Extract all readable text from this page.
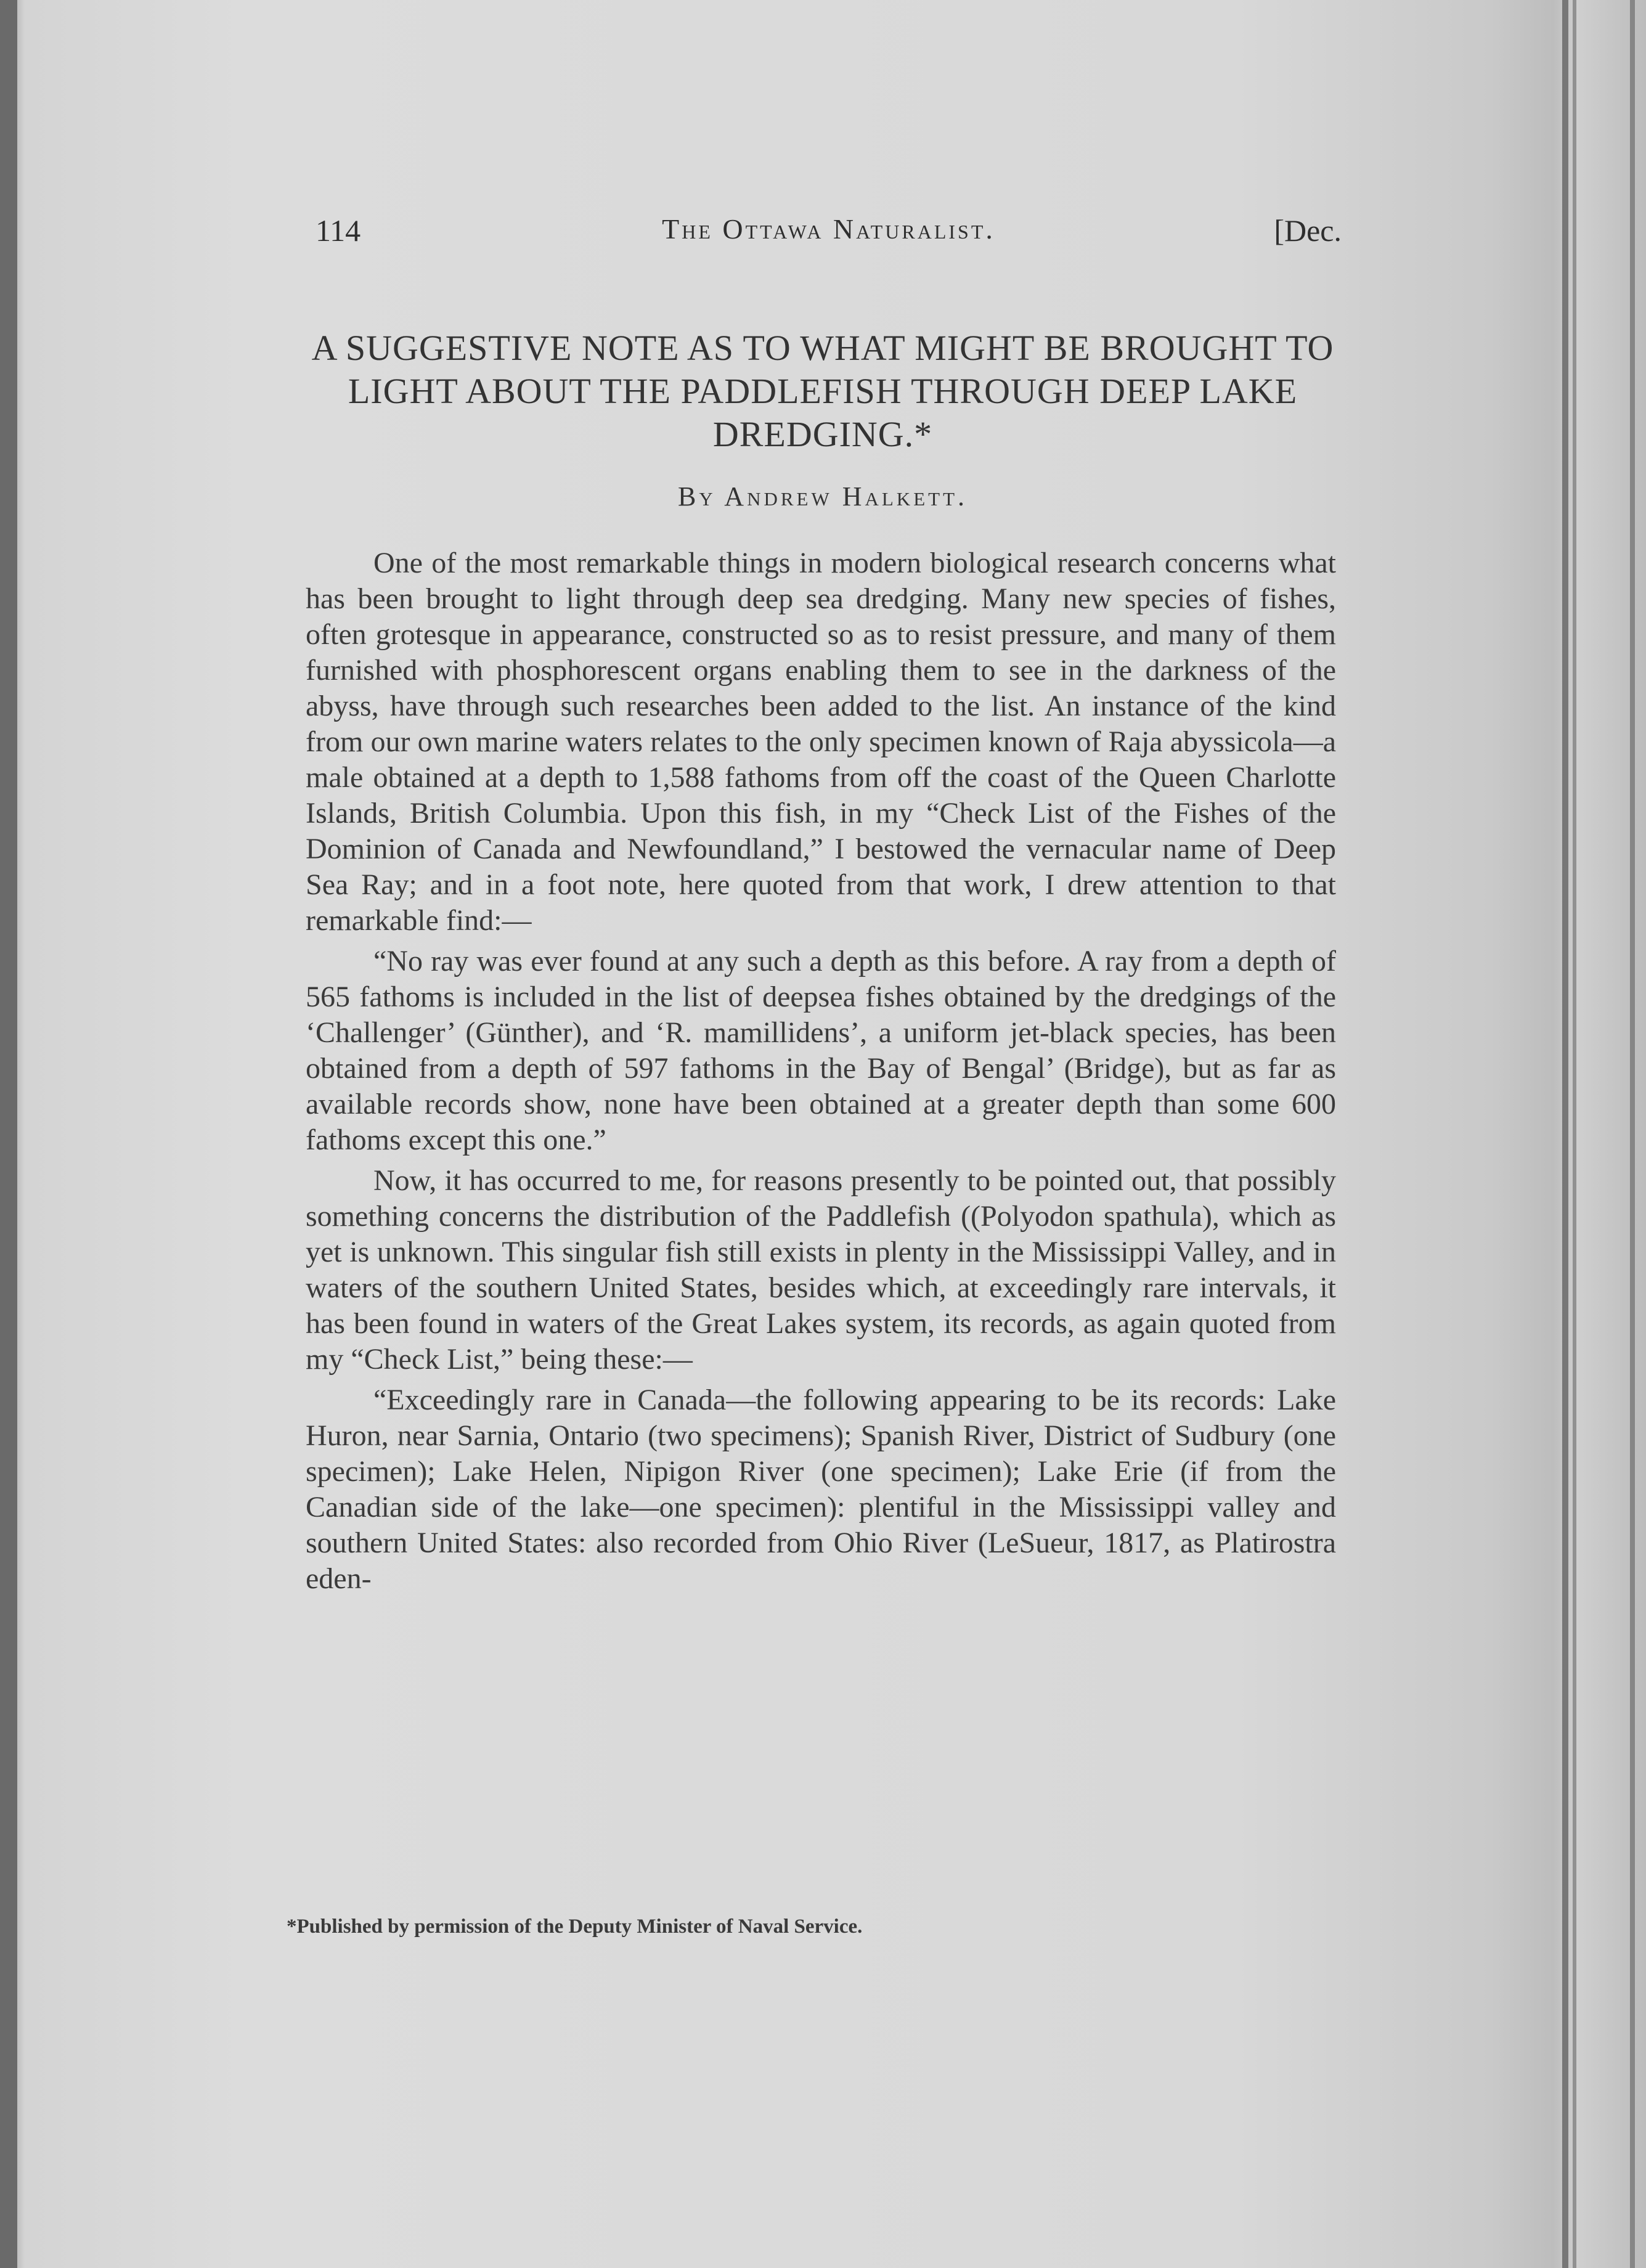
114	The Ottawa Naturalist.	[Dec.
A SUGGESTIVE NOTE AS TO WHAT MIGHT BE BROUGHT TO LIGHT ABOUT THE PADDLEFISH THROUGH DEEP LAKE DREDGING.*
By Andrew Halkett.

One of the most remarkable things in modern biological research concerns what has been brought to light through deep sea dredging. Many new species of fishes, often grotesque in appearance, constructed so as to resist pressure, and many of them furnished with phosphorescent organs enabling them to see in the darkness of the abyss, have through such researches been added to the list. An instance of the kind from our own marine waters relates to the only specimen known of Raja abyssicola—a male obtained at a depth to 1,588 fathoms from off the coast of the Queen Charlotte Islands, British Columbia. Upon this fish, in my “Check List of the Fishes of the Dominion of Canada and Newfoundland,” I bestowed the vernacular name of Deep Sea Ray; and in a foot note, here quoted from that work, I drew attention to that remarkable find:—

“No ray was ever found at any such a depth as this before. A ray from a depth of 565 fathoms is included in the list of deepsea fishes obtained by the dredgings of the ‘Challenger’ (Günther), and ‘R. mamillidens’, a uniform jet-black species, has been obtained from a depth of 597 fathoms in the Bay of Bengal’ (Bridge), but as far as available records show, none have been obtained at a greater depth than some 600 fathoms except this one.”

Now, it has occurred to me, for reasons presently to be pointed out, that possibly something concerns the distribution of the Paddlefish ((Polyodon spathula), which as yet is unknown. This singular fish still exists in plenty in the Mississippi Valley, and in waters of the southern United States, besides which, at exceedingly rare intervals, it has been found in waters of the Great Lakes system, its records, as again quoted from my “Check List,” being these:—

“Exceedingly rare in Canada—the following appearing to be its records: Lake Huron, near Sarnia, Ontario (two specimens); Spanish River, District of Sudbury (one specimen); Lake Helen, Nipigon River (one specimen); Lake Erie (if from the Canadian side of the lake—one specimen): plentiful in the Mississippi valley and southern United States: also recorded from Ohio River (LeSueur, 1817, as Platirostra eden-

*Published by permission of the Deputy Minister of Naval Service.
